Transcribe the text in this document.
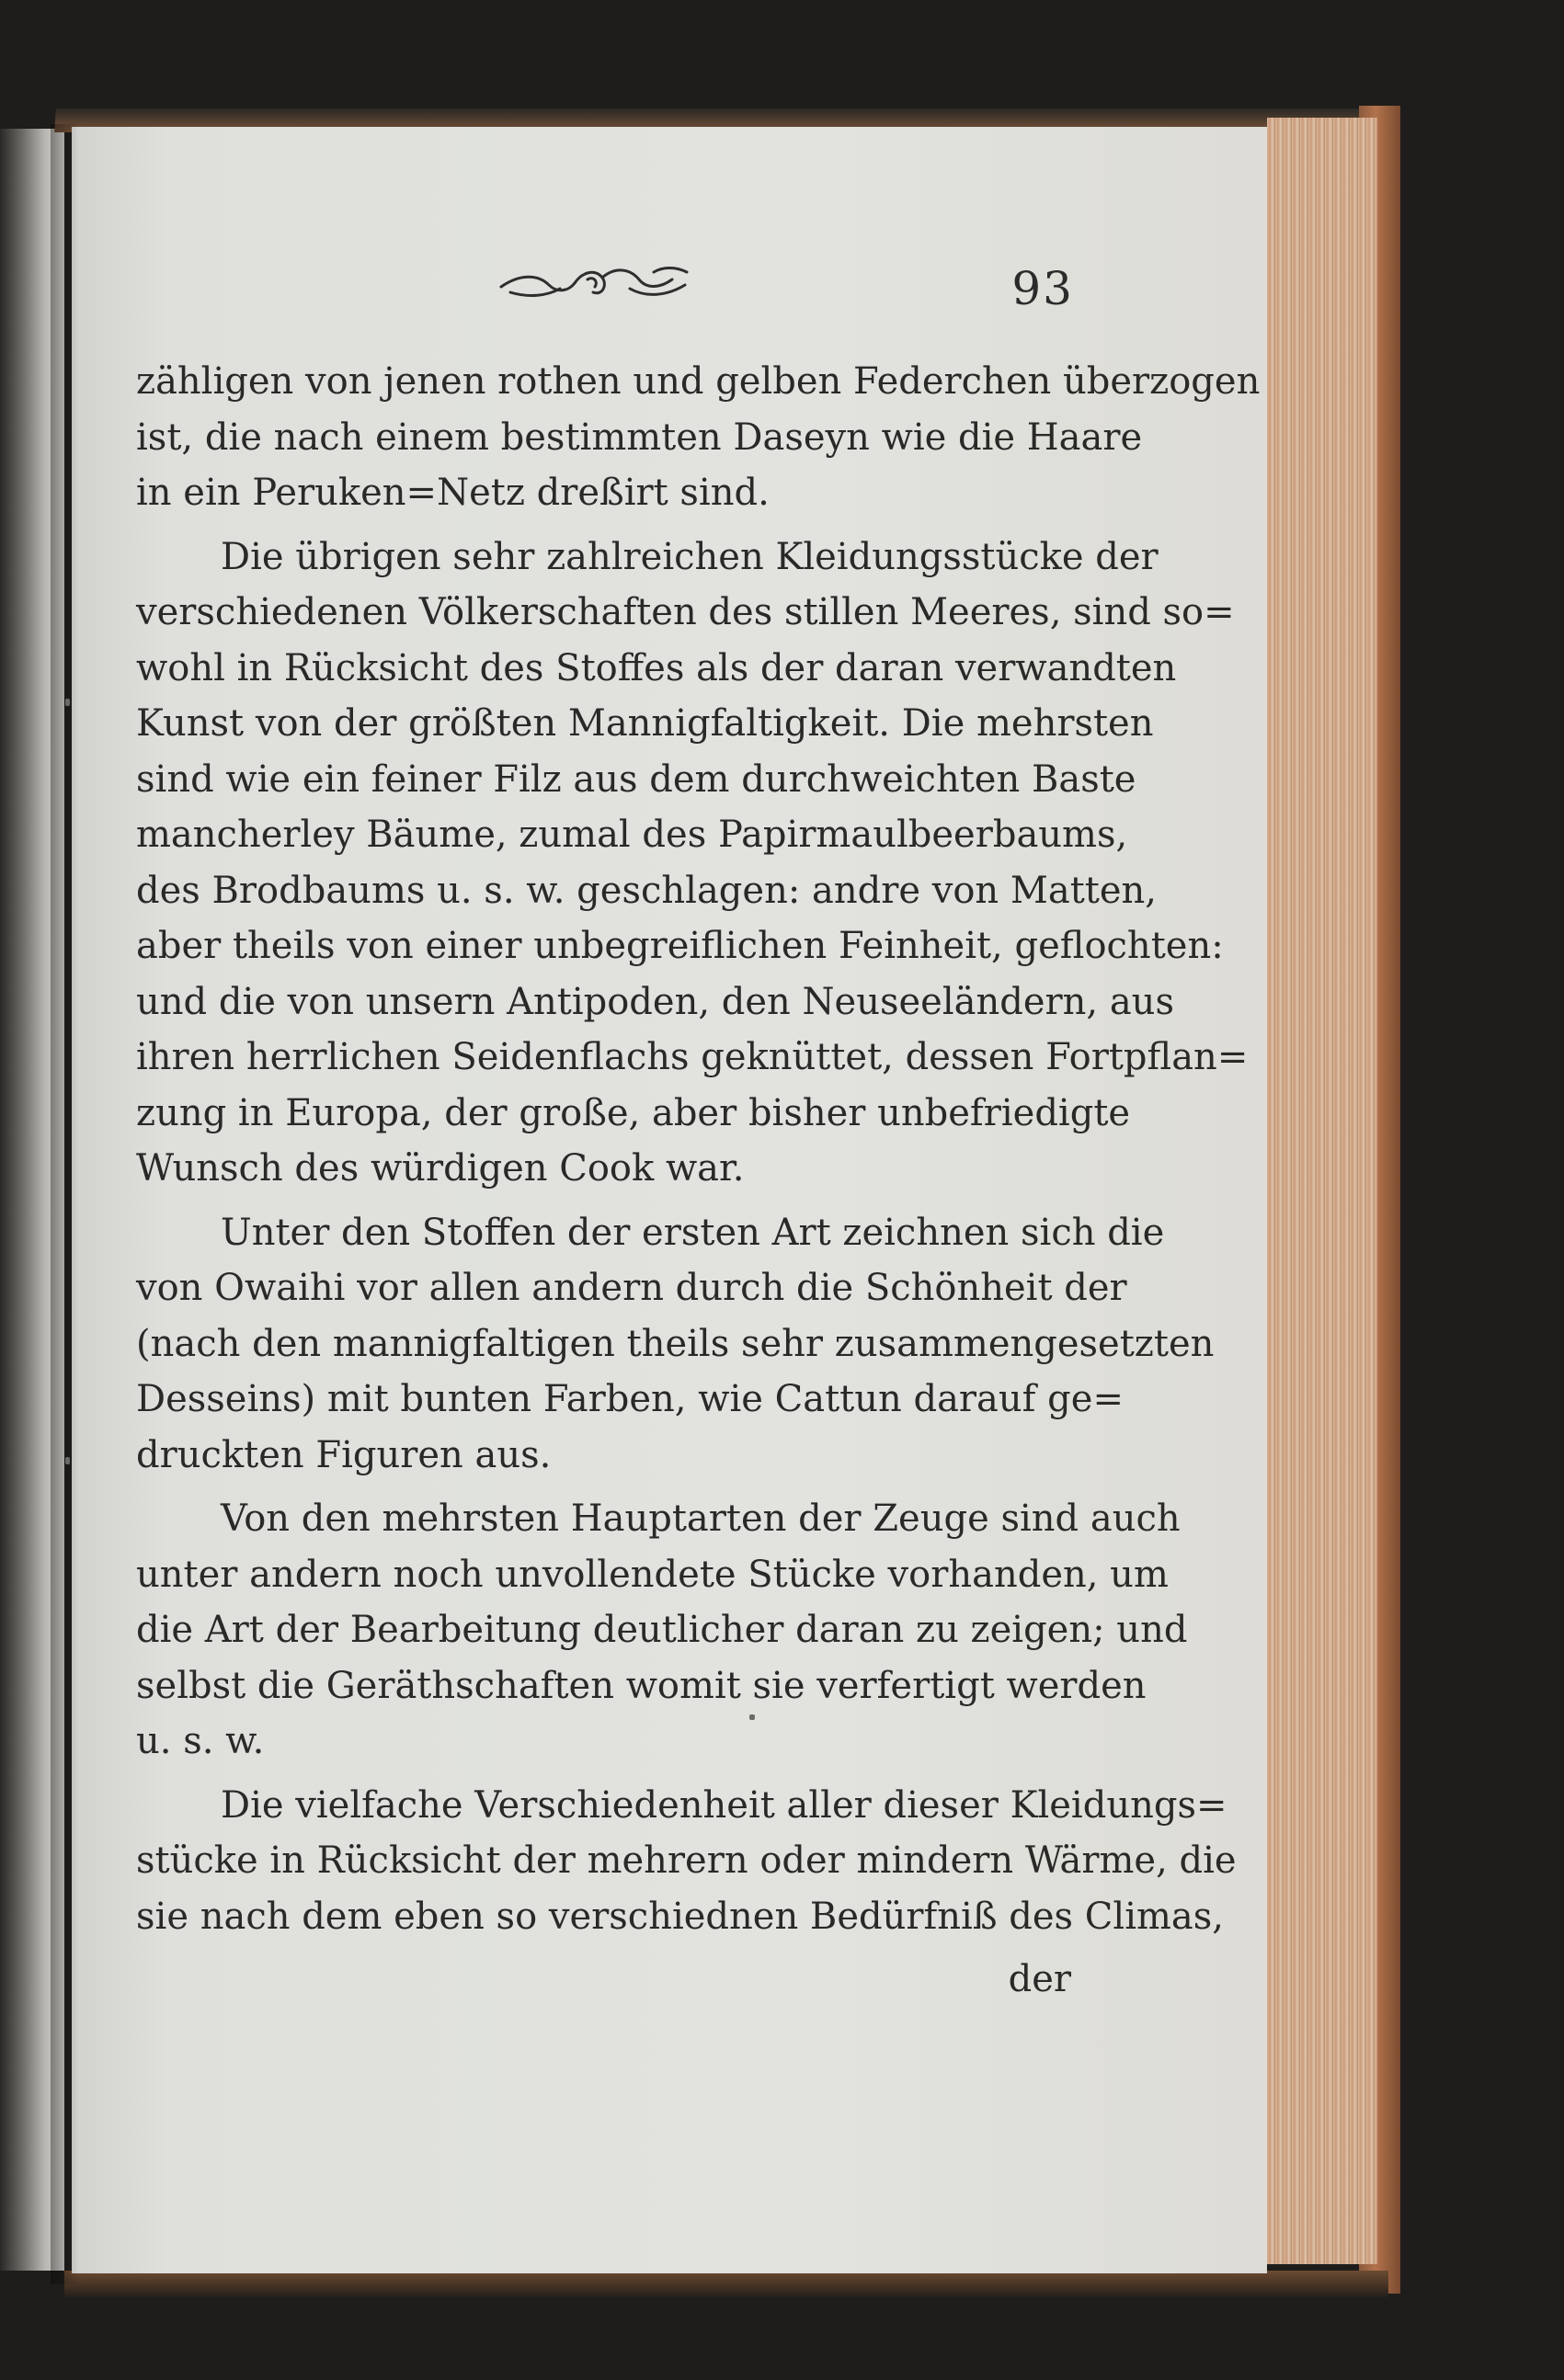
93
zähligen von jenen rothen und gelben Federchen überzogen
ist, die nach einem bestimmten Daseyn wie die Haare
in ein Peruken=Netz dreßirt sind.
Die übrigen sehr zahlreichen Kleidungsstücke der
verschiedenen Völkerschaften des stillen Meeres, sind so=
wohl in Rücksicht des Stoffes als der daran verwandten
Kunst von der größten Mannigfaltigkeit. Die mehrsten
sind wie ein feiner Filz aus dem durchweichten Baste
mancherley Bäume, zumal des Papirmaulbeerbaums,
des Brodbaums u. s. w. geschlagen: andre von Matten,
aber theils von einer unbegreiflichen Feinheit, geflochten:
und die von unsern Antipoden, den Neuseeländern, aus
ihren herrlichen Seidenflachs geknüttet, dessen Fortpflan=
zung in Europa, der große, aber bisher unbefriedigte
Wunsch des würdigen Cook war.
Unter den Stoffen der ersten Art zeichnen sich die
von Owaihi vor allen andern durch die Schönheit der
(nach den mannigfaltigen theils sehr zusammengesetzten
Desseins) mit bunten Farben, wie Cattun darauf ge=
druckten Figuren aus.
Von den mehrsten Hauptarten der Zeuge sind auch
unter andern noch unvollendete Stücke vorhanden, um
die Art der Bearbeitung deutlicher daran zu zeigen; und
selbst die Geräthschaften womit sie verfertigt werden
u. s. w.
Die vielfache Verschiedenheit aller dieser Kleidungs=
stücke in Rücksicht der mehrern oder mindern Wärme, die
sie nach dem eben so verschiednen Bedürfniß des Climas,
der
